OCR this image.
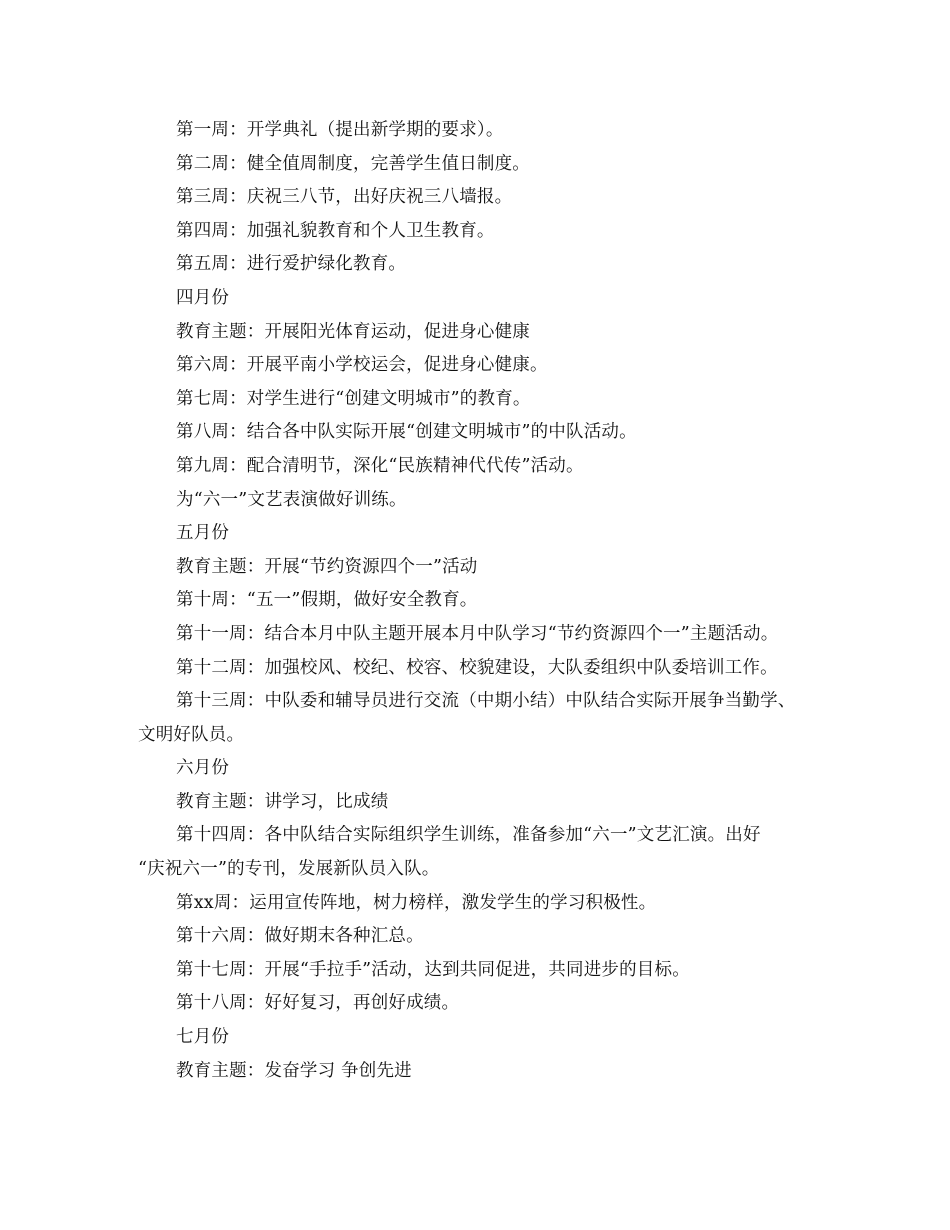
第一周：开学典礼（提出新学期的要求）。
第二周：健全值周制度，完善学生值日制度。
第三周：庆祝三八节，出好庆祝三八墙报。
第四周：加强礼貌教育和个人卫生教育。
第五周：进行爱护绿化教育。
四月份
教育主题：开展阳光体育运动，促进身心健康
第六周：开展平南小学校运会，促进身心健康。
第七周：对学生进行“创建文明城市”的教育。
第八周：结合各中队实际开展“创建文明城市”的中队活动。
第九周：配合清明节，深化“民族精神代代传”活动。
为“六一”文艺表演做好训练。
五月份
教育主题：开展“节约资源四个一”活动
第十周：“五一”假期，做好安全教育。
第十一周：结合本月中队主题开展本月中队学习“节约资源四个一”主题活动。
第十二周：加强校风、校纪、校容、校貌建设，大队委组织中队委培训工作。
第十三周：中队委和辅导员进行交流（中期小结）中队结合实际开展争当勤学、
文明好队员。
六月份
教育主题：讲学习，比成绩
第十四周：各中队结合实际组织学生训练，准备参加“六一”文艺汇演。出好
“庆祝六一”的专刊，发展新队员入队。
第xx周：运用宣传阵地，树力榜样，激发学生的学习积极性。
第十六周：做好期末各种汇总。
第十七周：开展“手拉手”活动，达到共同促进，共同进步的目标。
第十八周：好好复习，再创好成绩。
七月份
教育主题：发奋学习 争创先进
